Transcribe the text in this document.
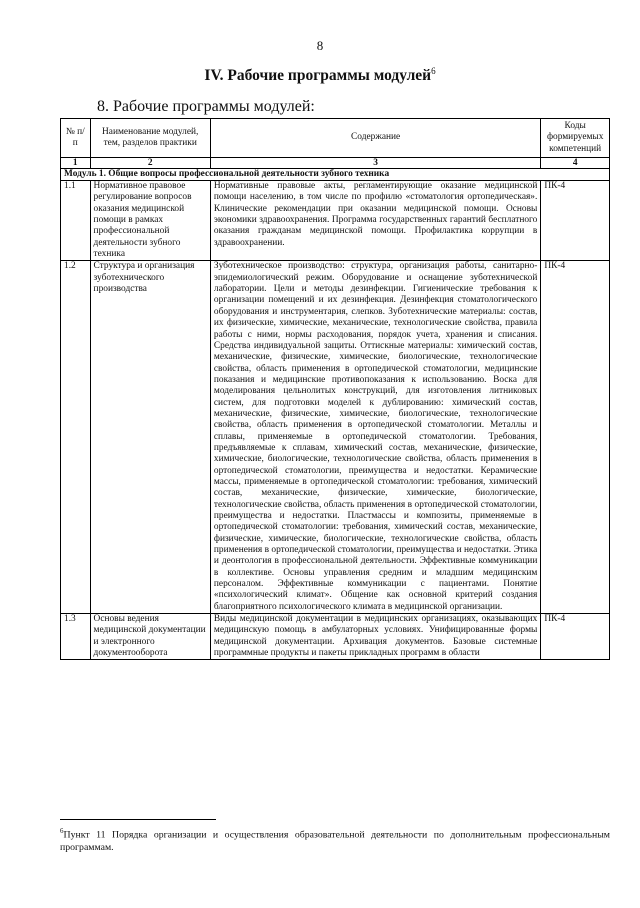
8
IV. Рабочие программы модулей$^6$
8. Рабочие программы модулей:
№ п/п	Наименование модулей, тем, разделов практики	Содержание	Коды формируемых компетенций
1	2	3	4
Модуль 1. Общие вопросы профессиональной деятельности зубного техника			
1.1	Нормативное правовое регулирование вопросов оказания медицинской помощи в рамках профессиональной деятельности зубного техника	Нормативные правовые акты, регламентирующие оказание медицинской помощи населению, в том числе по профилю «стоматология ортопедическая». Клинические рекомендации при оказании медицинской помощи. Основы экономики здравоохранения. Программа государственных гарантий бесплатного оказания гражданам медицинской помощи. Профилактика коррупции в здравоохранении.	ПК-4
1.2	Структура и организация зуботехнического производства	Зуботехническое производство: структура, организация работы, санитарно-эпидемиологический режим. Оборудование и оснащение зуботехнической лаборатории. Цели и методы дезинфекции. Гигиенические требования к организации помещений и их дезинфекция. Дезинфекция стоматологического оборудования и инструментария, слепков. Зуботехнические материалы: состав, их физические, химические, механические, технологические свойства, правила работы с ними, нормы расходования, порядок учета, хранения и списания. Средства индивидуальной защиты. Оттискные материалы: химический состав, механические, физические, химические, биологические, технологические свойства, область применения в ортопедической стоматологии, медицинские показания и медицинские противопоказания к использованию. Воска для моделирования цельнолитых конструкций, для изготовления литниковых систем, для подготовки моделей к дублированию: химический состав, механические, физические, химические, биологические, технологические свойства, область применения в ортопедической стоматологии. Металлы и сплавы, применяемые в ортопедической стоматологии. Требования, предъявляемые к сплавам, химический состав, механические, физические, химические, биологические, технологические свойства, область применения в ортопедической стоматологии, преимущества и недостатки. Керамические массы, применяемые в ортопедической стоматологии: требования, химический состав, механические, физические, химические, биологические, технологические свойства, область применения в ортопедической стоматологии, преимущества и недостатки. Пластмассы и композиты, применяемые в ортопедической стоматологии: требования, химический состав, механические, физические, химические, биологические, технологические свойства, область применения в ортопедической стоматологии, преимущества и недостатки. Этика и деонтология в профессиональной деятельности. Эффективные коммуникации в коллективе. Основы управления средним и младшим медицинским персоналом. Эффективные коммуникации с пациентами. Понятие «психологический климат». Общение как основной критерий создания благоприятного психологического климата в медицинской организации.	ПК-4
1.3	Основы ведения медицинской документации и электронного документооборота	Виды медицинской документации в медицинских организациях, оказывающих медицинскую помощь в амбулаторных условиях. Унифицированные формы медицинской документации. Архивация документов. Базовые системные программные продукты и пакеты прикладных программ в области	ПК-4
$^6$Пункт 11 Порядка организации и осуществления образовательной деятельности по дополнительным профессиональным программам.
